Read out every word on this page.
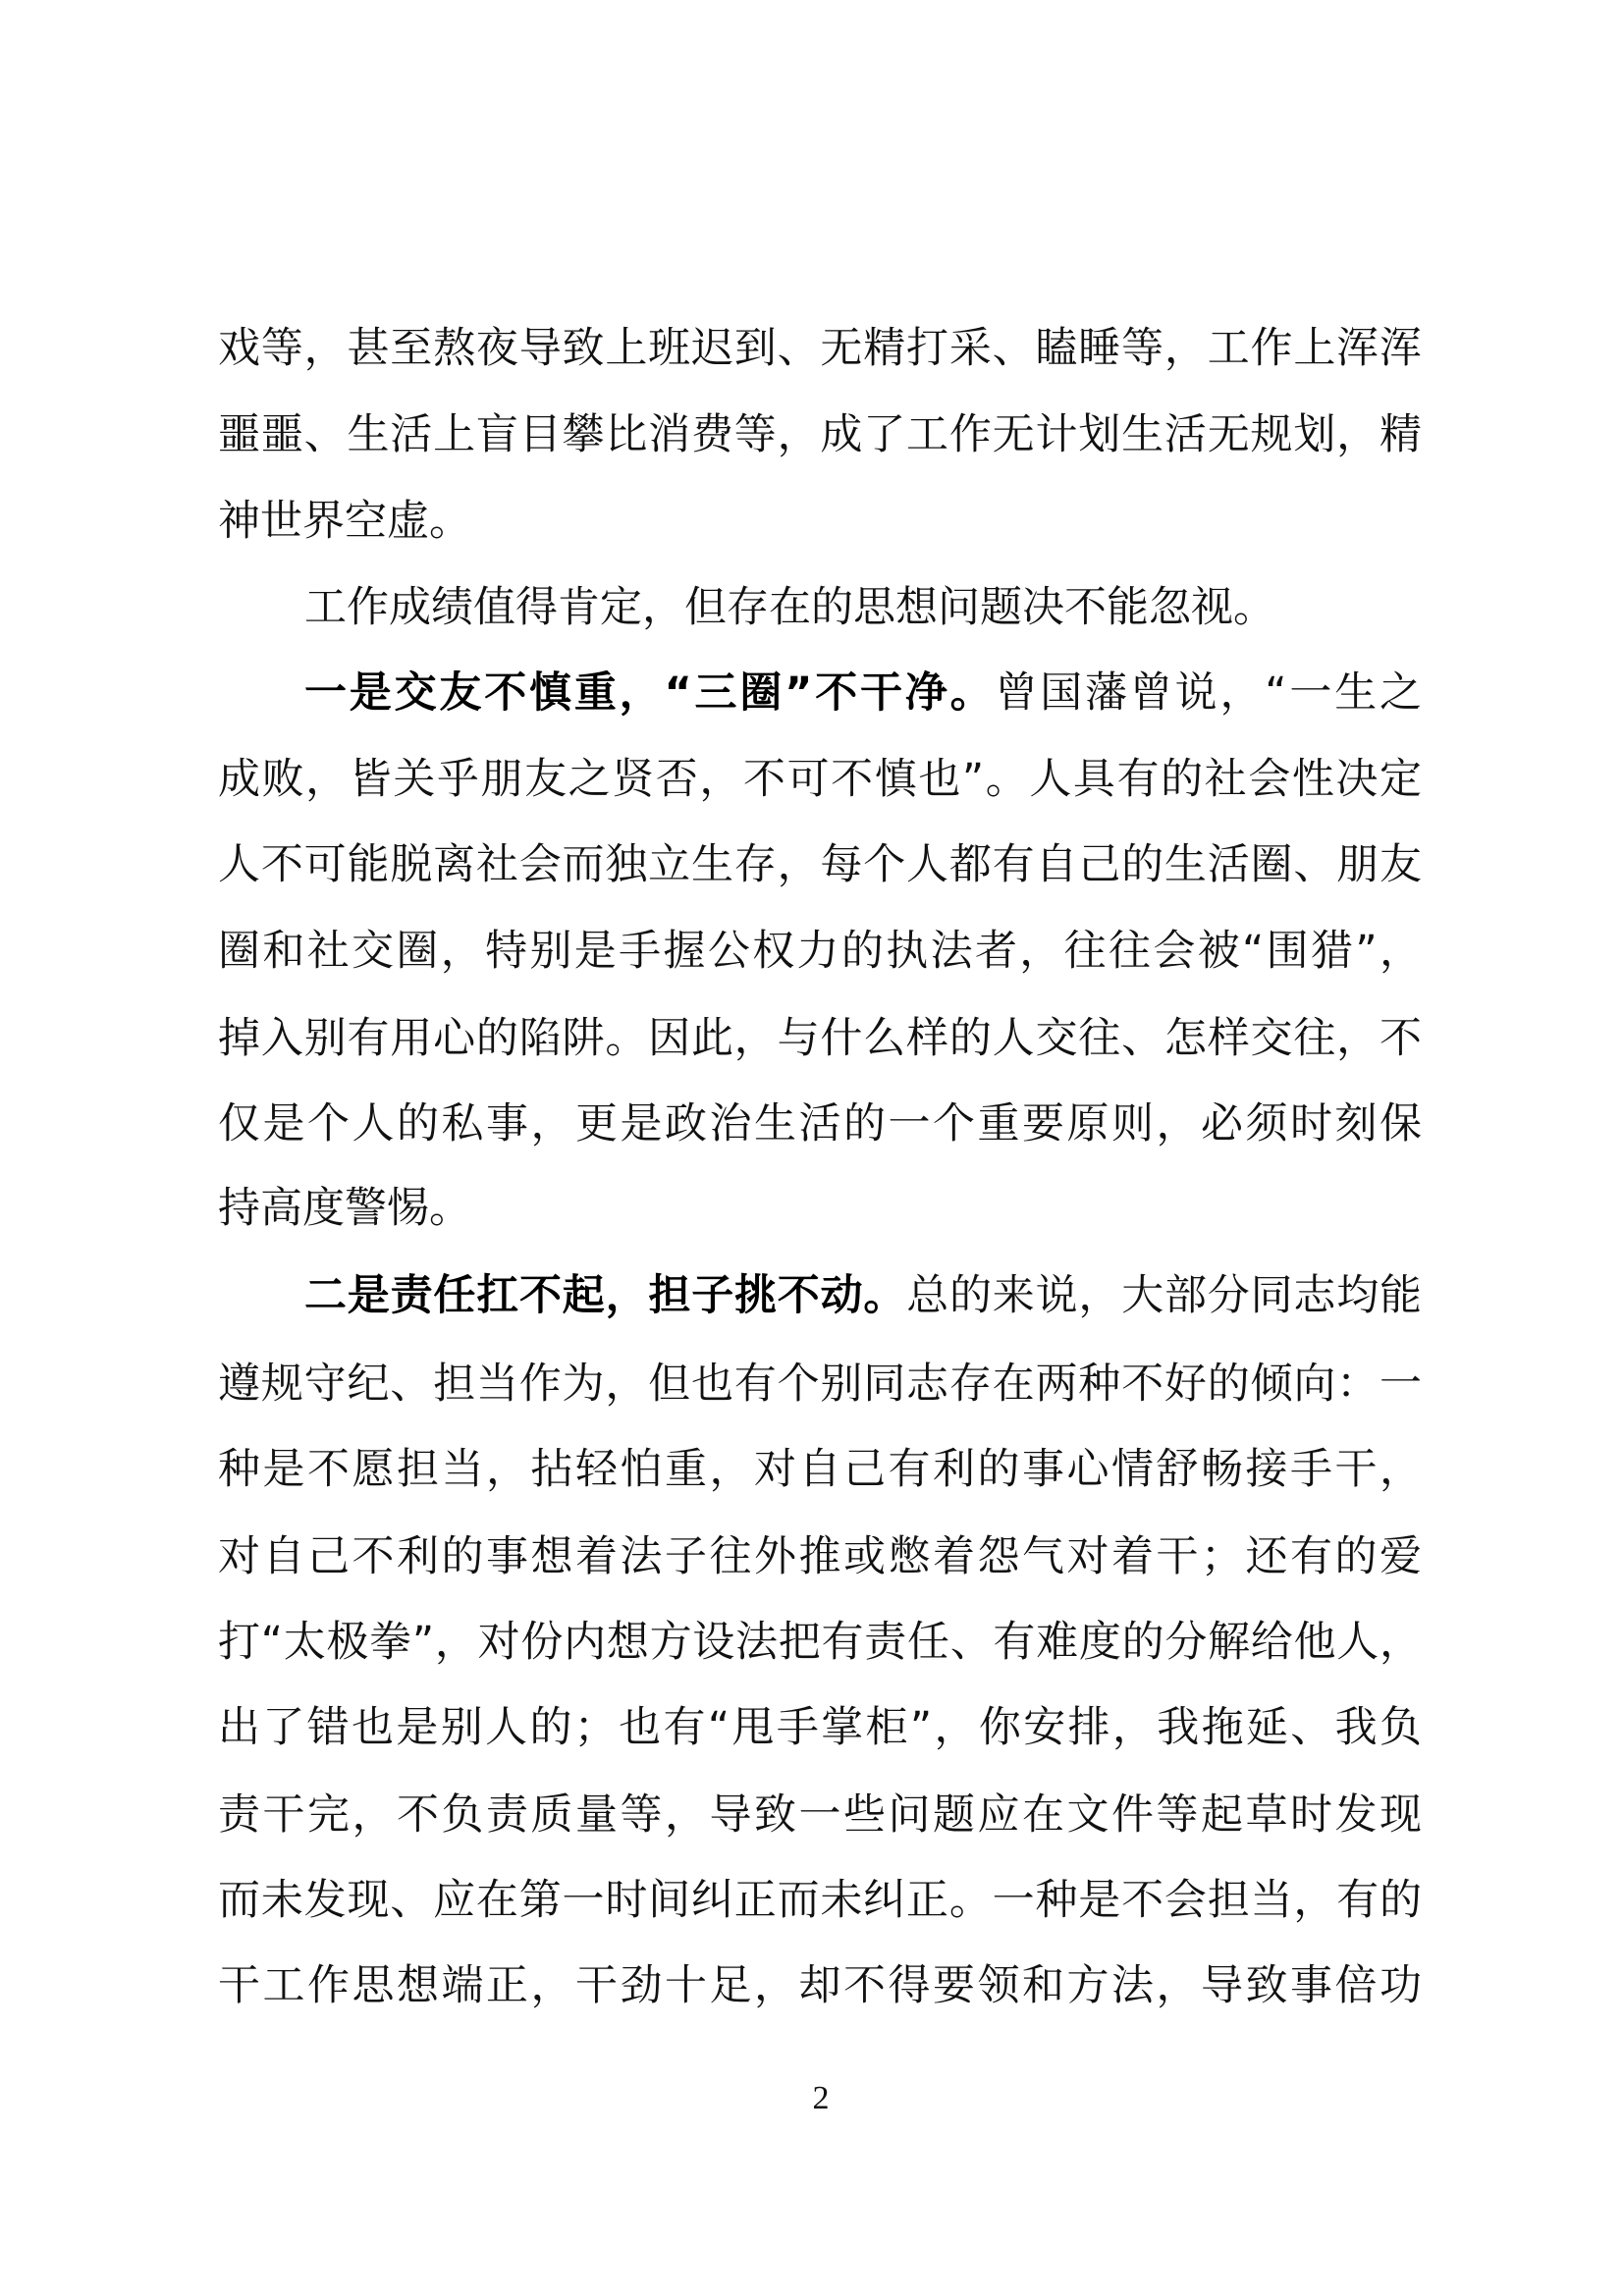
戏等，甚至熬夜导致上班迟到、无精打采、瞌睡等，工作上浑浑
噩噩、生活上盲目攀比消费等，成了工作无计划生活无规划，精
神世界空虚。
工作成绩值得肯定，但存在的思想问题决不能忽视。
一是交友不慎重，“三圈”不干净。曾国藩曾说，“一生之
成败，皆关乎朋友之贤否，不可不慎也”。人具有的社会性决定
人不可能脱离社会而独立生存，每个人都有自己的生活圈、朋友
圈和社交圈，特别是手握公权力的执法者，往往会被“围猎”，
掉入别有用心的陷阱。因此，与什么样的人交往、怎样交往，不
仅是个人的私事，更是政治生活的一个重要原则，必须时刻保
持高度警惕。
二是责任扛不起，担子挑不动。总的来说，大部分同志均能
遵规守纪、担当作为，但也有个别同志存在两种不好的倾向：一
种是不愿担当，拈轻怕重，对自己有利的事心情舒畅接手干，
对自己不利的事想着法子往外推或憋着怨气对着干；还有的爱
打“太极拳”，对份内想方设法把有责任、有难度的分解给他人，
出了错也是别人的；也有“甩手掌柜”，你安排，我拖延、我负
责干完，不负责质量等，导致一些问题应在文件等起草时发现
而未发现、应在第一时间纠正而未纠正。一种是不会担当，有的
干工作思想端正，干劲十足，却不得要领和方法，导致事倍功
2
